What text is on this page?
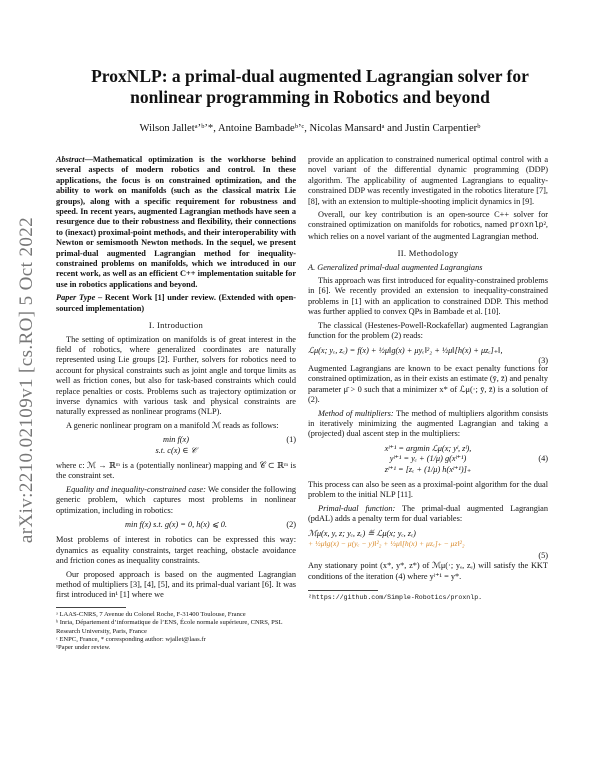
arXiv:2210.02109v1 [cs.RO] 5 Oct 2022
ProxNLP: a primal-dual augmented Lagrangian solver for nonlinear programming in Robotics and beyond
Wilson Jalletᵃʼᵇʼ*, Antoine Bambadeᵇʼᶜ, Nicolas Mansardᵃ and Justin Carpentierᵇ

Abstract—Mathematical optimization is the workhorse behind several aspects of modern robotics and control. In these applications, the focus is on constrained optimization, and the ability to work on manifolds (such as the classical matrix Lie groups), along with a specific requirement for robustness and speed. In recent years, augmented Lagrangian methods have seen a resurgence due to their robustness and flexibility, their connections to (inexact) proximal-point methods, and their interoperability with Newton or semismooth Newton methods. In the sequel, we present primal-dual augmented Lagrangian method for inequality-constrained problems on manifolds, which we introduced in our recent work, as well as an efficient C++ implementation suitable for use in robotics applications and beyond.

Paper Type – Recent Work [1] under review. (Extended with open-sourced implementation)

I. Introduction

The setting of optimization on manifolds is of great interest in the field of robotics, where generalized coordinates are naturally represented using Lie groups [2]. Further, solvers for robotics need to account for physical constraints such as joint angle and torque limits as well as friction cones, but also for task-based constraints which could replace penalties or costs. Problems such as trajectory optimization or inverse dynamics with various task and physical constraints are naturally expressed as nonlinear programs (NLP).

A generic nonlinear program on a manifold ℳ reads as follows:

min f(x)
s.t. c(x) ∈ 𝒞
(1)

where c: ℳ → ℝᵐ is a (potentially nonlinear) mapping and 𝒞 ⊂ ℝᵐ is the constraint set.

Equality and inequality-constrained case: We consider the following generic problem, which captures most problems in nonlinear optimization, including in robotics:

min f(x) s.t. g(x) = 0, h(x) ⩽ 0.	(2)

Most problems of interest in robotics can be expressed this way: dynamics as equality constraints, target reaching, obstacle avoidance and friction cones as inequality constraints.

Our proposed approach is based on the augmented Lagrangian method of multipliers [3], [4], [5], and its primal-dual variant [6]. It was first introduced in¹ [1] where we

ᵃ LAAS-CNRS, 7 Avenue du Colonel Roche, F-31400 Toulouse, France

ᵇ Inria, Département d’informatique de l’ENS, École normale supérieure, CNRS, PSL Research University, Paris, France

ᶜ ENPC, France, * corresponding author: wjallet@laas.fr

¹Paper under review.

provide an application to constrained numerical optimal control with a novel variant of the differential dynamic programming (DDP) algorithm. The applicability of augmented Lagrangians to equality-constrained DDP was recently investigated in the robotics literature [7], [8], with an extension to multiple-shooting implicit dynamics in [9].

Overall, our key contribution is an open-source C++ solver for constrained optimization on manifolds for robotics, named proxnlp², which relies on a novel variant of the augmented Lagrangian method.

II. Methodology
A. Generalized primal-dual augmented Lagrangians

This approach was first introduced for equality-constrained problems in [6]. We recently provided an extension to inequality-constrained problems in [1] with an application to constrained DDP. This method was further applied to convex QPs in Bambade et al. [10].

The classical (Hestenes-Powell-Rockafellar) augmented Lagrangian function for the problem (2) reads:

ℒμ(x; yₑ, zₑ) = f(x) + ½μ‖g(x) + μyₑ‖²₂ + ½μ‖[h(x) + μzₑ]₊‖,
(3)

Augmented Lagrangians are known to be exact penalty functions for constrained optimization, as in their exists an estimate (ȳ, z̄) and penalty parameter μ̄ > 0 such that a minimizer x* of ℒμ(·; ȳ, z̄) is a solution of (2).

Method of multipliers: The method of multipliers algorithm consists in iteratively minimizing the augmented Lagrangian and taking a (projected) dual ascent step in the multipliers:

xˡ⁺¹ = argmin ℒμ(x; yˡ, zˡ),
yˡ⁺¹ = yₑ + (1/μ) g(xˡ⁺¹)
zˡ⁺¹ = [zₑ + (1/μ) h(xˡ⁺¹)]₊
(4)

This process can also be seen as a proximal-point algorithm for the dual problem to the initial NLP [11].

Primal-dual function: The primal-dual augmented Lagrangian (pdAL) adds a penalty term for dual variables:

ℳμ(x, y, z; yₑ, zₑ) ≝ ℒμ(x; yₑ, zₑ)
+ ½μ‖g(x) − μ(yₑ − y)‖²₂ + ½μ‖[h(x) + μzₑ]₊ − μz‖²₂
(5)

Any stationary point (x*, y*, z*) of ℳμ(·; yₑ, zₑ) will satisfy the KKT conditions of the iteration (4) where yˡ⁺¹ = y*.

²https://github.com/Simple-Robotics/proxnlp.
